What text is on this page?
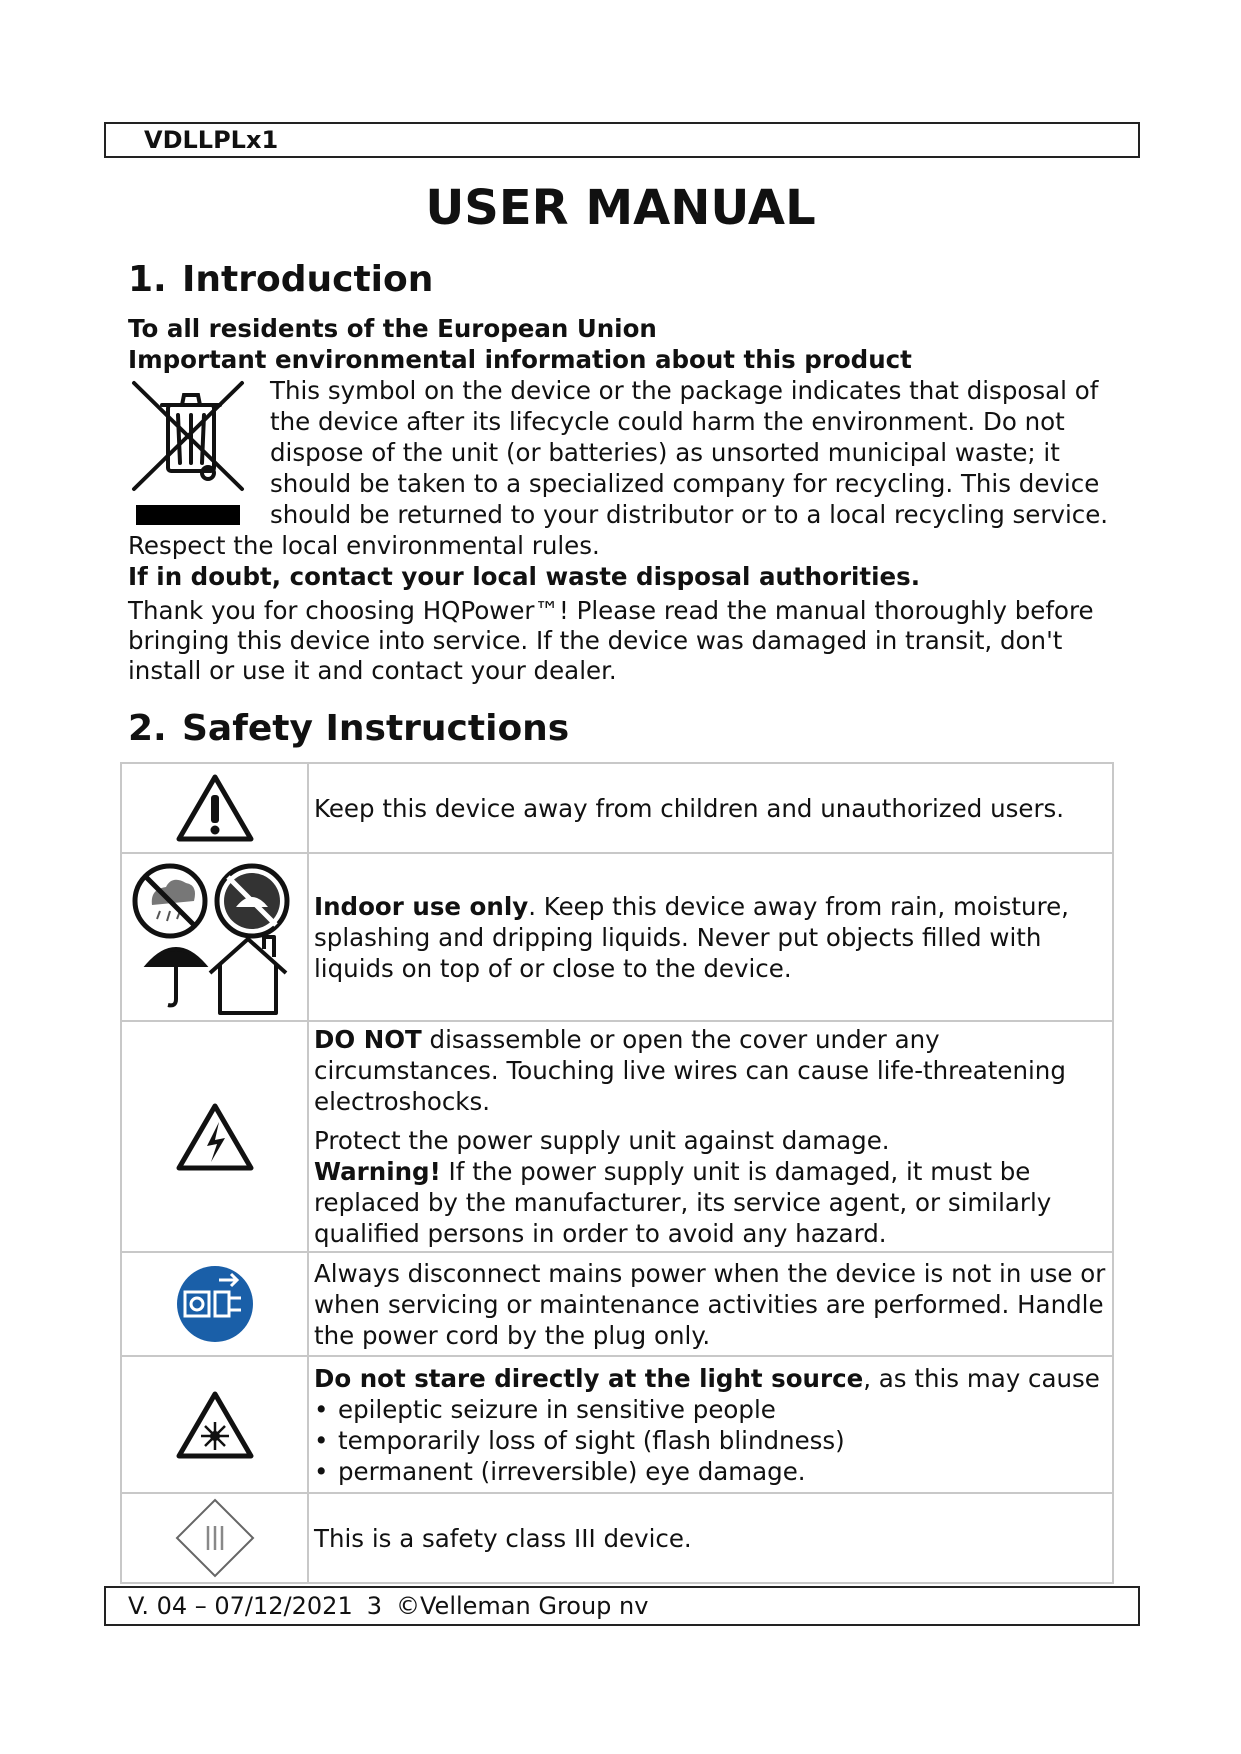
VDLLPLx1
USER MANUAL
1. Introduction
To all residents of the European Union
Important environmental information about this product
This symbol on the device or the package indicates that disposal of the device after its lifecycle could harm the environment. Do not dispose of the unit (or batteries) as unsorted municipal waste; it should be taken to a specialized company for recycling. This device should be returned to your distributor or to a local recycling service. Respect the local environmental rules.
If in doubt, contact your local waste disposal authorities.
Thank you for choosing HQPower™! Please read the manual thoroughly before bringing this device into service. If the device was damaged in transit, don't install or use it and contact your dealer.
2. Safety Instructions
	Keep this device away from children and unauthorized users.

	Indoor use only. Keep this device away from rain, moisture, splashing and dripping liquids. Never put objects filled with liquids on top of or close to the device.

DO NOT disassemble or open the cover under any circumstances. Touching live wires can cause life-threatening electroshocks.
Protect the power supply unit against damage.
Warning! If the power supply unit is damaged, it must be replaced by the manufacturer, its service agent, or similarly qualified persons in order to avoid any hazard.

	Always disconnect mains power when the device is not in use or when servicing or maintenance activities are performed. Handle the power cord by the plug only.

Do not stare directly at the light source, as this may cause
• epileptic seizure in sensitive people
• temporarily loss of sight (flash blindness)
• permanent (irreversible) eye damage.

	This is a safety class III device.
V. 04 – 07/12/2021 3 ©Velleman Group nv
